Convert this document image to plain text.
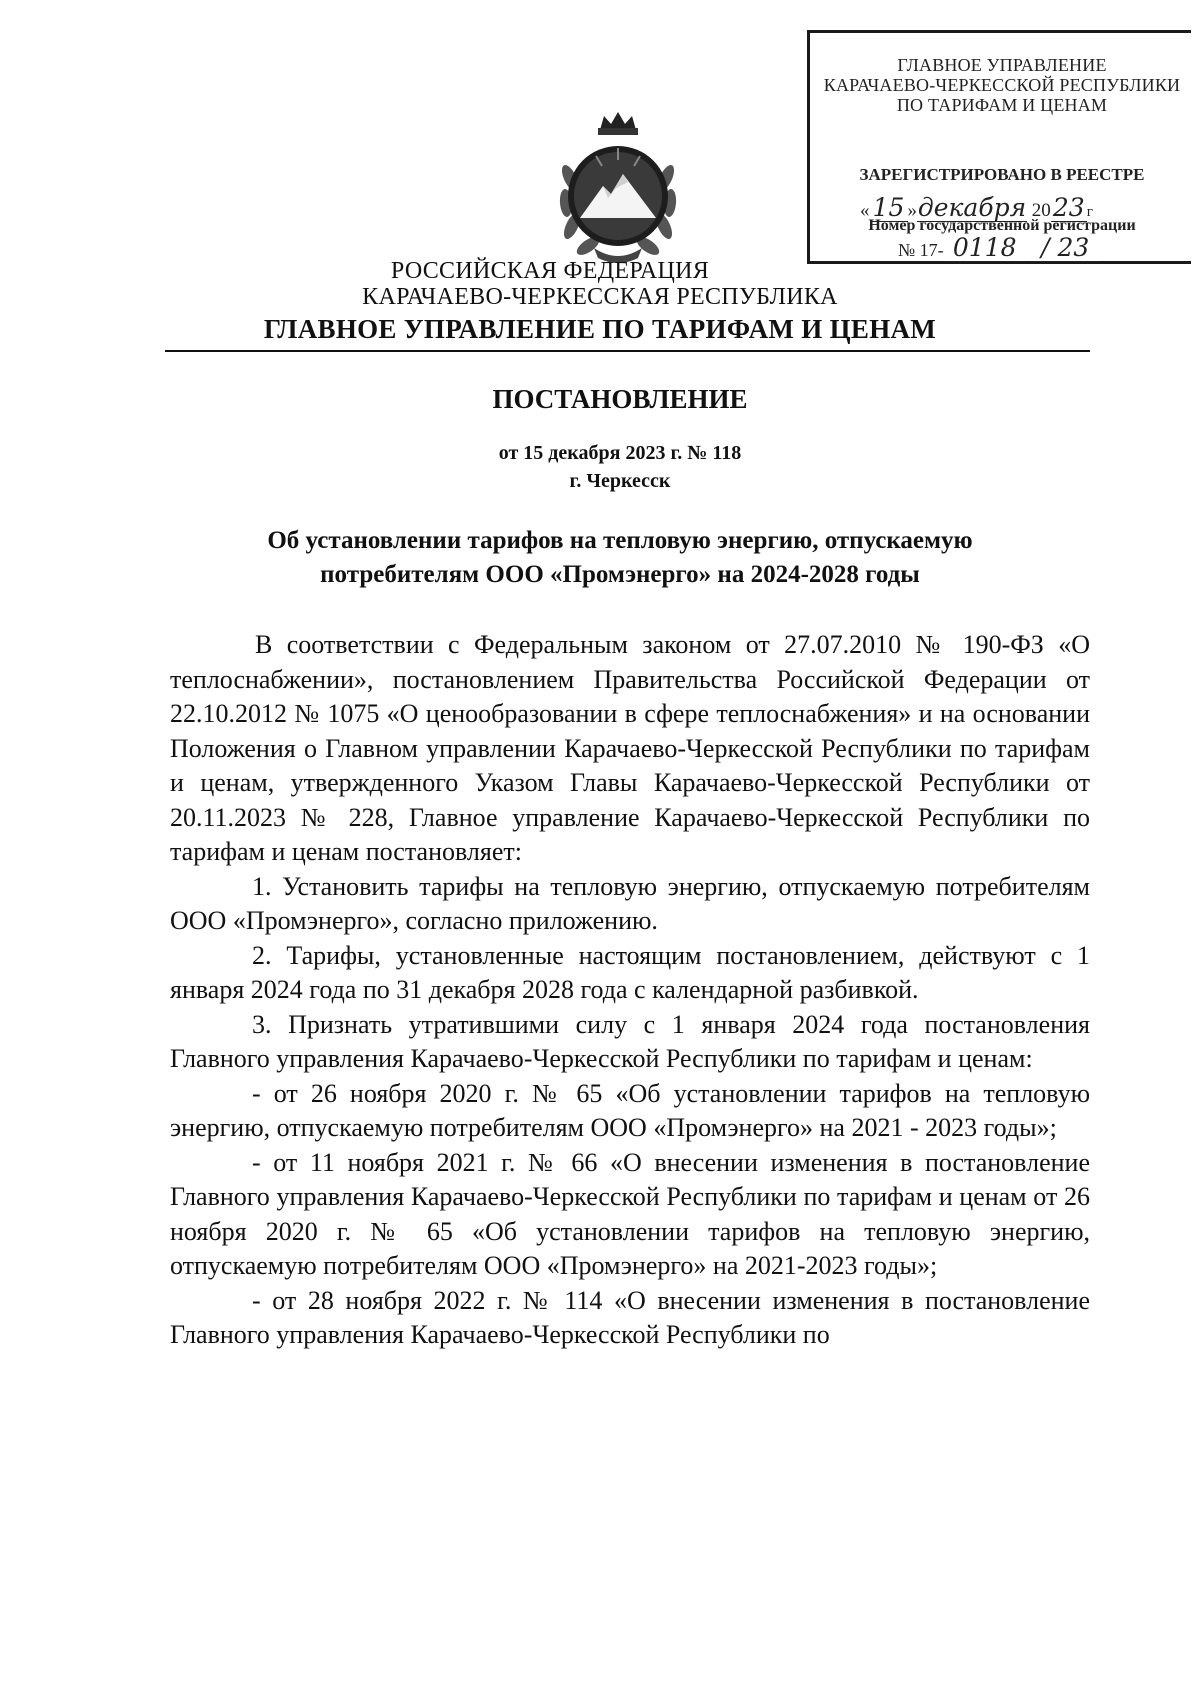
ГЛАВНОЕ УПРАВЛЕНИЕ
КАРАЧАЕВО-ЧЕРКЕССКОЙ РЕСПУБЛИКИ
ПО ТАРИФАМ И ЦЕНАМ
ЗАРЕГИСТРИРОВАНО В РЕЕСТРЕ
« 15 »декабря 2023 г
Номер государственной регистрации
№ 17- 0118 / 23
РОССИЙСКАЯ ФЕДЕРАЦИЯ
КАРАЧАЕВО-ЧЕРКЕССКАЯ РЕСПУБЛИКА
ГЛАВНОЕ УПРАВЛЕНИЕ ПО ТАРИФАМ И ЦЕНАМ
ПОСТАНОВЛЕНИЕ
от 15 декабря 2023 г. № 118
г. Черкесск
Об установлении тарифов на тепловую энергию, отпускаемую
потребителям ООО «Промэнерго» на 2024-2028 годы

В соответствии с Федеральным законом от 27.07.2010 № 190-ФЗ «О теплоснабжении», постановлением Правительства Российской Федерации от 22.10.2012 № 1075 «О ценообразовании в сфере теплоснабжения» и на основании Положения о Главном управлении Карачаево-Черкесской Республики по тарифам и ценам, утвержденного Указом Главы Карачаево-Черкесской Республики от 20.11.2023 № 228, Главное управление Карачаево-Черкесской Республики по тарифам и ценам постановляет:

1. Установить тарифы на тепловую энергию, отпускаемую потребителям ООО «Промэнерго», согласно приложению.

2. Тарифы, установленные настоящим постановлением, действуют с 1 января 2024 года по 31 декабря 2028 года с календарной разбивкой.

3. Признать утратившими силу с 1 января 2024 года постановления Главного управления Карачаево-Черкесской Республики по тарифам и ценам:

- от 26 ноября 2020 г. № 65 «Об установлении тарифов на тепловую энергию, отпускаемую потребителям ООО «Промэнерго» на 2021 - 2023 годы»;

- от 11 ноября 2021 г. № 66 «О внесении изменения в постановление Главного управления Карачаево-Черкесской Республики по тарифам и ценам от 26 ноября 2020 г. № 65 «Об установлении тарифов на тепловую энергию, отпускаемую потребителям ООО «Промэнерго» на 2021-2023 годы»;

- от 28 ноября 2022 г. № 114 «О внесении изменения в постановление Главного управления Карачаево-Черкесской Республики по
